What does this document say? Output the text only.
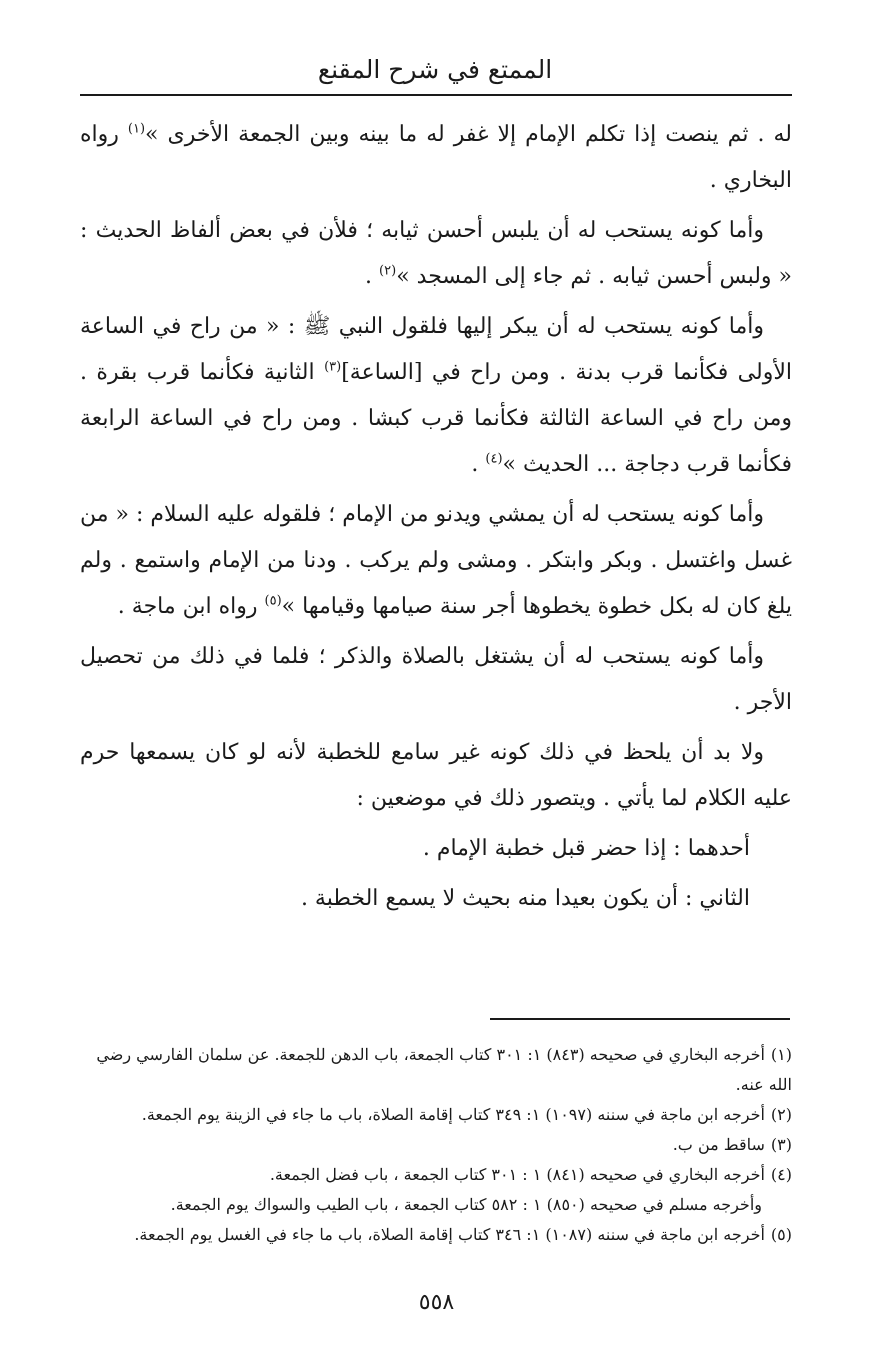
الممتع في شرح المقنع

له . ثم ينصت إذا تكلم الإمام إلا غفر له ما بينه وبين الجمعة الأخرى »$^{(١)}$ رواه البخاري .

وأما كونه يستحب له أن يلبس أحسن ثيابه ؛ فلأن في بعض ألفاظ الحديث : « ولبس أحسن ثيابه . ثم جاء إلى المسجد »$^{(٢)}$ .

وأما كونه يستحب له أن يبكر إليها فلقول النبي ﷺ : « من راح في الساعة الأولى فكأنما قرب بدنة . ومن راح في [الساعة]$^{(٣)}$ الثانية فكأنما قرب بقرة . ومن راح في الساعة الثالثة فكأنما قرب كبشا . ومن راح في الساعة الرابعة فكأنما قرب دجاجة ... الحديث »$^{(٤)}$ .

وأما كونه يستحب له أن يمشي ويدنو من الإمام ؛ فلقوله عليه السلام : « من غسل واغتسل . وبكر وابتكر . ومشى ولم يركب . ودنا من الإمام واستمع . ولم يلغ كان له بكل خطوة يخطوها أجر سنة صيامها وقيامها »$^{(٥)}$ رواه ابن ماجة .

وأما كونه يستحب له أن يشتغل بالصلاة والذكر ؛ فلما في ذلك من تحصيل الأجر .

ولا بد أن يلحظ في ذلك كونه غير سامع للخطبة لأنه لو كان يسمعها حرم عليه الكلام لما يأتي . ويتصور ذلك في موضعين :

أحدهما : إذا حضر قبل خطبة الإمام .

الثاني : أن يكون بعيدا منه بحيث لا يسمع الخطبة .

(١)أخرجه البخاري في صحيحه (٨٤٣) ١: ٣٠١ كتاب الجمعة، باب الدهن للجمعة. عن سلمان الفارسي رضي الله عنه.

(٢)أخرجه ابن ماجة في سننه (١٠٩٧) ١: ٣٤٩ كتاب إقامة الصلاة، باب ما جاء في الزينة يوم الجمعة.

(٣)ساقط من ب.

(٤)أخرجه البخاري في صحيحه (٨٤١) ١ : ٣٠١ كتاب الجمعة ، باب فضل الجمعة.

وأخرجه مسلم في صحيحه (٨٥٠) ١ : ٥٨٢ كتاب الجمعة ، باب الطيب والسواك يوم الجمعة.

(٥)أخرجه ابن ماجة في سننه (١٠٨٧) ١: ٣٤٦ كتاب إقامة الصلاة، باب ما جاء في الغسل يوم الجمعة.

٥٥٨
